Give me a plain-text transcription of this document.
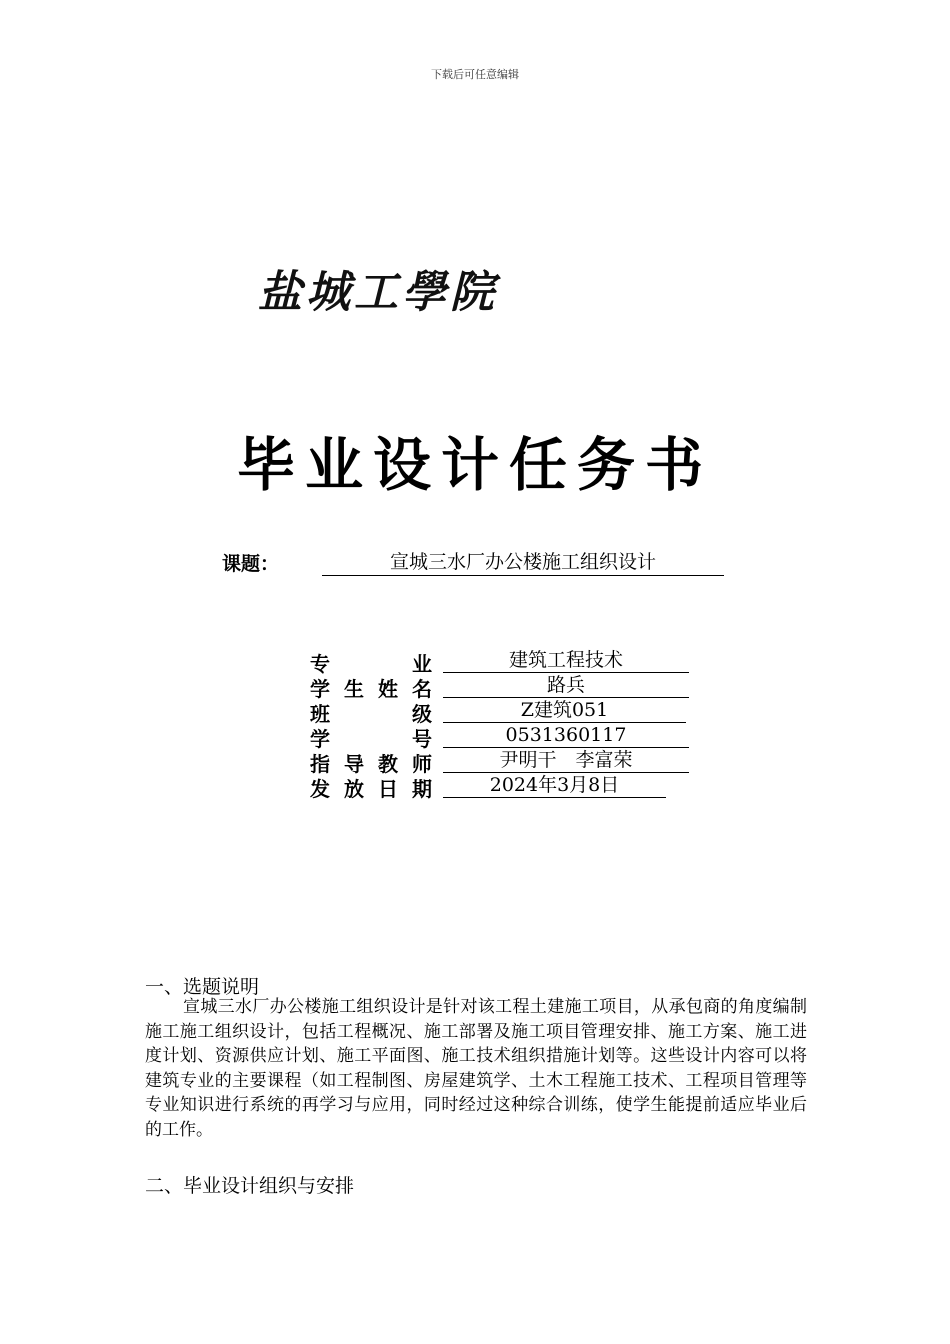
下载后可任意编辑
盐城工學院
毕业设计任务书
课题：	宣城三水厂办公楼施工组织设计
专业	建筑工程技术
学生姓名	路兵
班级	Z建筑051
学号	0531360117
指导教师	尹明干　李富荣
发放日期	2024年3月8日
一、选题说明
宣城三水厂办公楼施工组织设计是针对该工程土建施工项目，从承包商的角度编制施工施工组织设计，包括工程概况、施工部署及施工项目管理安排、施工方案、施工进度计划、资源供应计划、施工平面图、施工技术组织措施计划等。这些设计内容可以将建筑专业的主要课程（如工程制图、房屋建筑学、土木工程施工技术、工程项目管理等专业知识进行系统的再学习与应用，同时经过这种综合训练，使学生能提前适应毕业后的工作。
二、毕业设计组织与安排
